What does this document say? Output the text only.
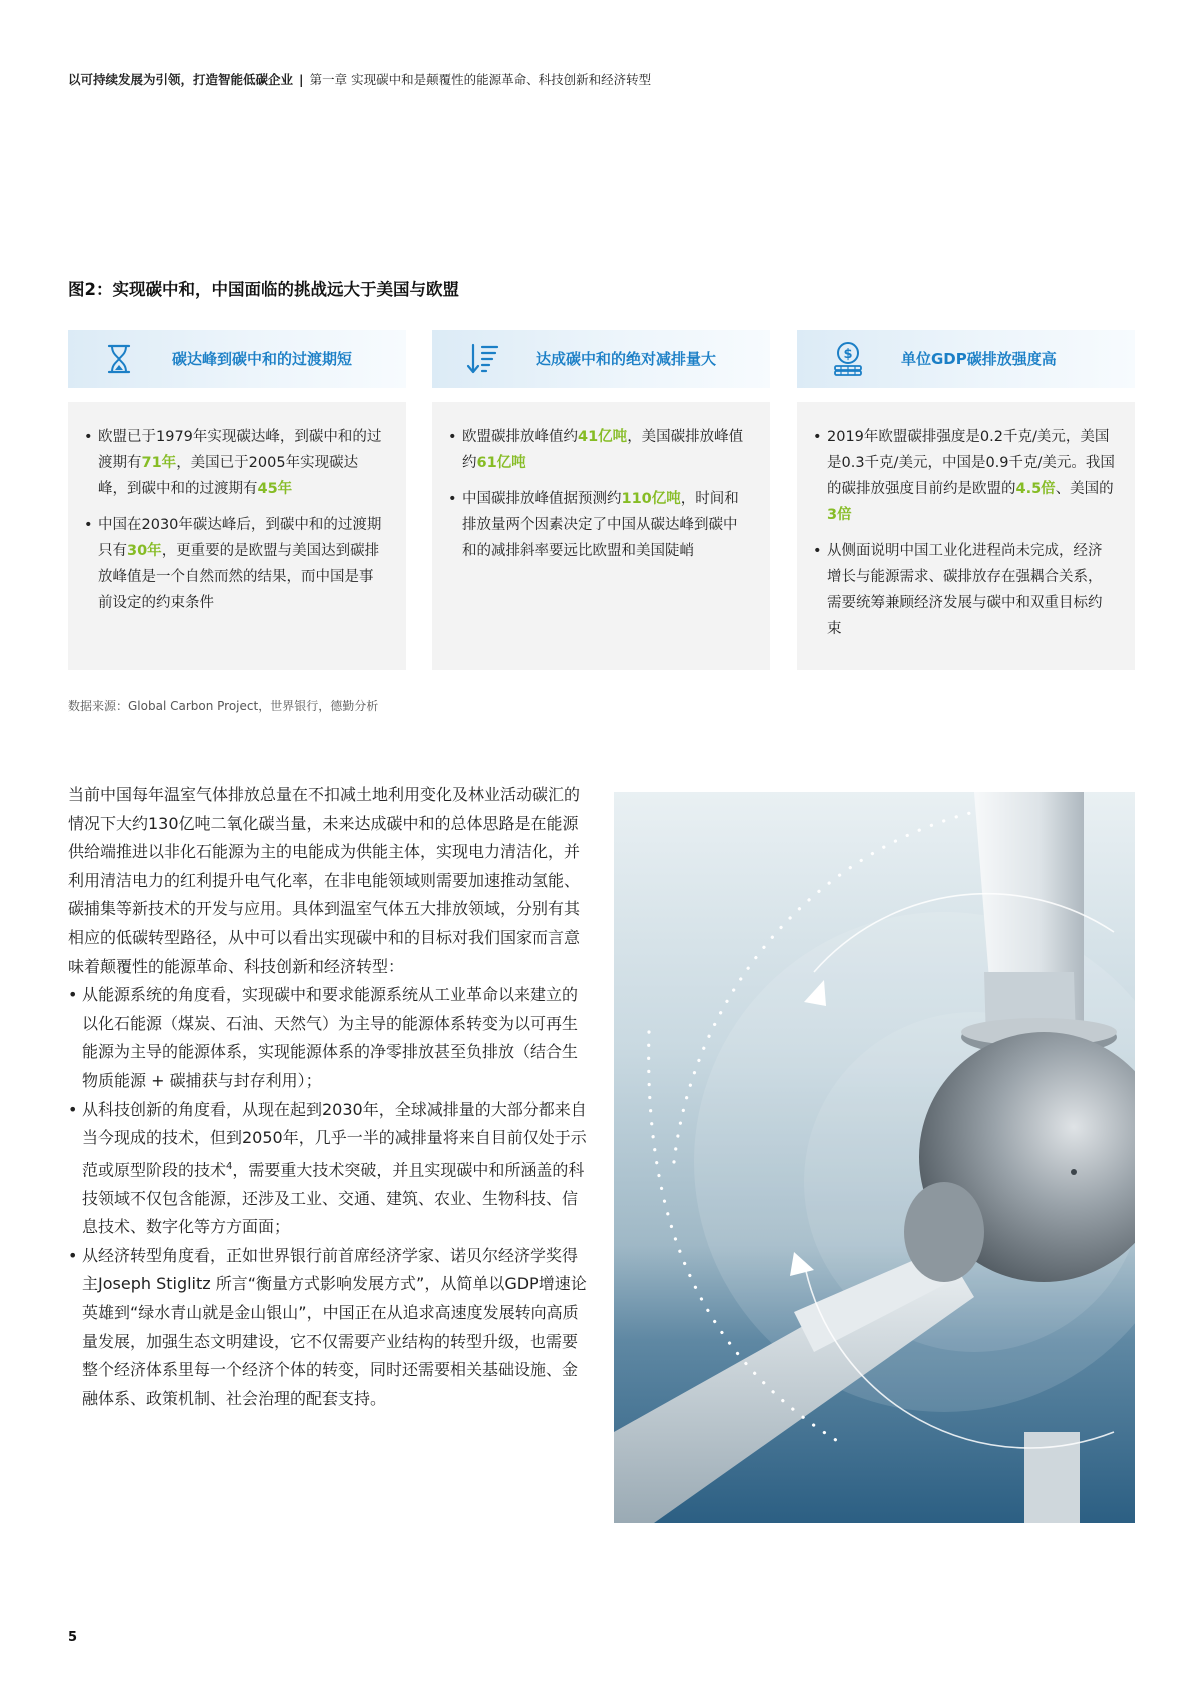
以可持续发展为引领，打造智能低碳企业 | 第一章 实现碳中和是颠覆性的能源革命、科技创新和经济转型
图2：实现碳中和，中国面临的挑战远大于美国与欧盟
碳达峰到碳中和的过渡期短
• 欧盟已于1979年实现碳达峰，到碳中和的过渡期有71年，美国已于2005年实现碳达峰，到碳中和的过渡期有45年
• 中国在2030年碳达峰后，到碳中和的过渡期只有30年，更重要的是欧盟与美国达到碳排放峰值是一个自然而然的结果，而中国是事前设定的约束条件
达成碳中和的绝对减排量大
• 欧盟碳排放峰值约41亿吨，美国碳排放峰值约61亿吨
• 中国碳排放峰值据预测约110亿吨，时间和排放量两个因素决定了中国从碳达峰到碳中和的减排斜率要远比欧盟和美国陡峭
$	单位GDP碳排放强度高
• 2019年欧盟碳排强度是0.2千克/美元，美国是0.3千克/美元，中国是0.9千克/美元。我国的碳排放强度目前约是欧盟的4.5倍、美国的3倍
• 从侧面说明中国工业化进程尚未完成，经济增长与能源需求、碳排放存在强耦合关系，需要统筹兼顾经济发展与碳中和双重目标约束
数据来源：Global Carbon Project，世界银行，德勤分析

当前中国每年温室气体排放总量在不扣减土地利用变化及林业活动碳汇的情况下大约130亿吨二氧化碳当量，未来达成碳中和的总体思路是在能源供给端推进以非化石能源为主的电能成为供能主体，实现电力清洁化，并利用清洁电力的红利提升电气化率，在非电能领域则需要加速推动氢能、碳捕集等新技术的开发与应用。具体到温室气体五大排放领域，分别有其相应的低碳转型路径，从中可以看出实现碳中和的目标对我们国家而言意味着颠覆性的能源革命、科技创新和经济转型：

• 从能源系统的角度看，实现碳中和要求能源系统从工业革命以来建立的以化石能源（煤炭、石油、天然气）为主导的能源体系转变为以可再生能源为主导的能源体系，实现能源体系的净零排放甚至负排放（结合生物质能源 + 碳捕获与封存利用）；
• 从科技创新的角度看，从现在起到2030年，全球减排量的大部分都来自当今现成的技术，但到2050年，几乎一半的减排量将来自目前仅处于示范或原型阶段的技术$^4$，需要重大技术突破，并且实现碳中和所涵盖的科技领域不仅包含能源，还涉及工业、交通、建筑、农业、生物科技、信息技术、数字化等方方面面；
• 从经济转型角度看，正如世界银行前首席经济学家、诺贝尔经济学奖得主Joseph Stiglitz 所言“衡量方式影响发展方式”，从简单以GDP增速论英雄到“绿水青山就是金山银山”，中国正在从追求高速度发展转向高质量发展，加强生态文明建设，它不仅需要产业结构的转型升级，也需要整个经济体系里每一个经济个体的转变，同时还需要相关基础设施、金融体系、政策机制、社会治理的配套支持。
5
